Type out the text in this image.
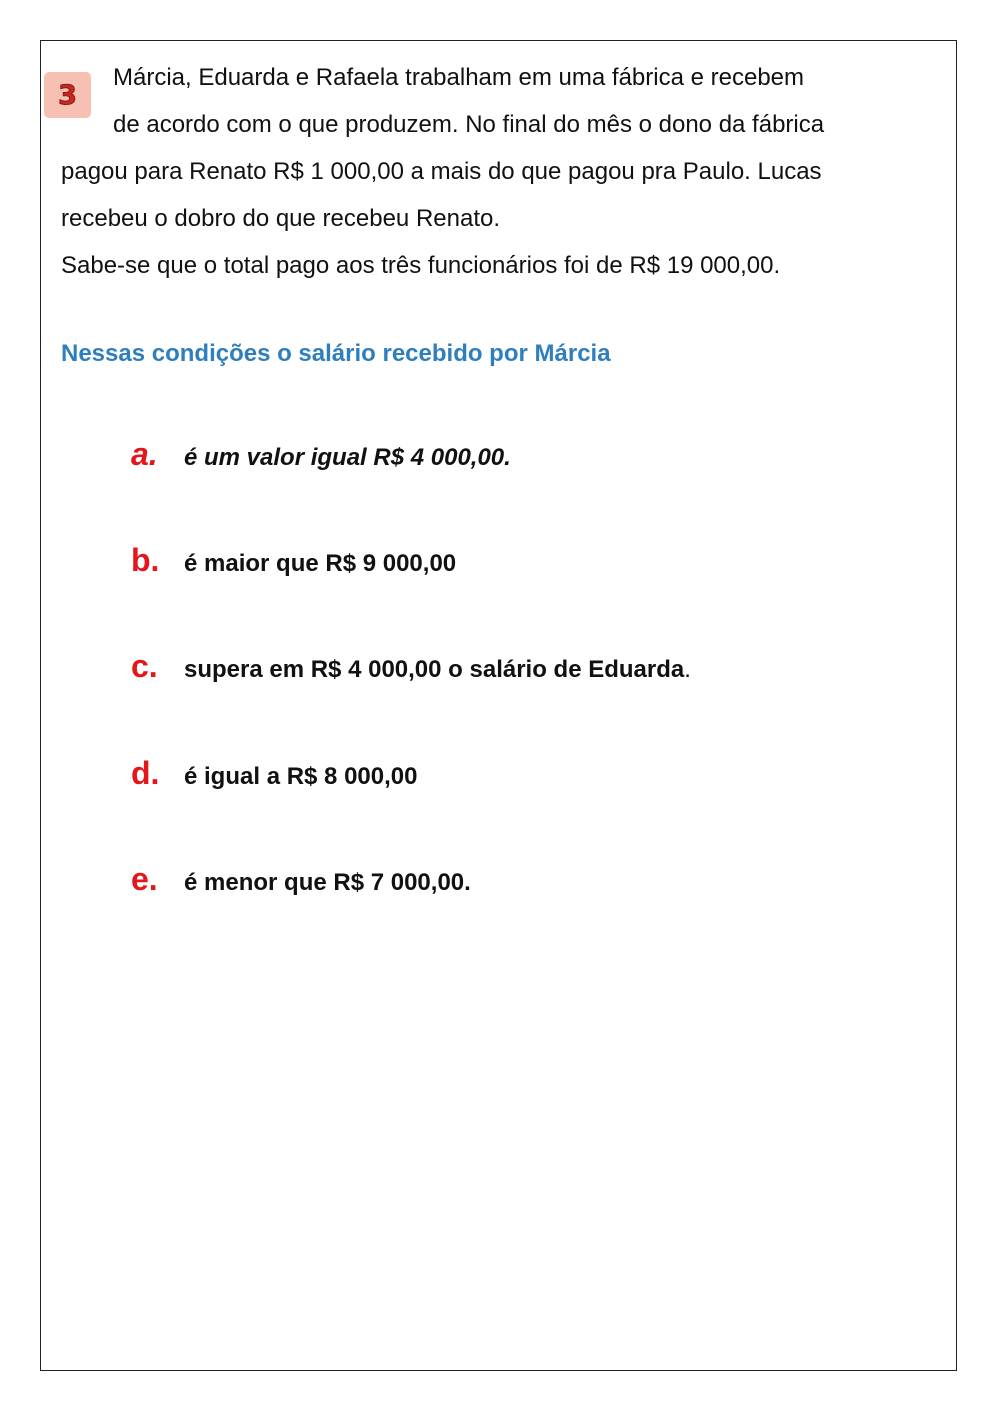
3

Márcia, Eduarda e Rafaela trabalham em uma fábrica e recebem
de acordo com o que produzem. No final do mês o dono da fábrica
pagou para Renato R$ 1 000,00 a mais do que pagou pra Paulo. Lucas
recebeu o dobro do que recebeu Renato.
Sabe-se que o total pago aos três funcionários foi de R$ 19 000,00.

Nessas condições o salário recebido por Márcia

a.	é um valor igual R$ 4 000,00.
b.	é maior que R$ 9 000,00
c.	supera em R$ 4 000,00 o salário de Eduarda.
d.	é igual a R$ 8 000,00
e.	é menor que R$ 7 000,00.
